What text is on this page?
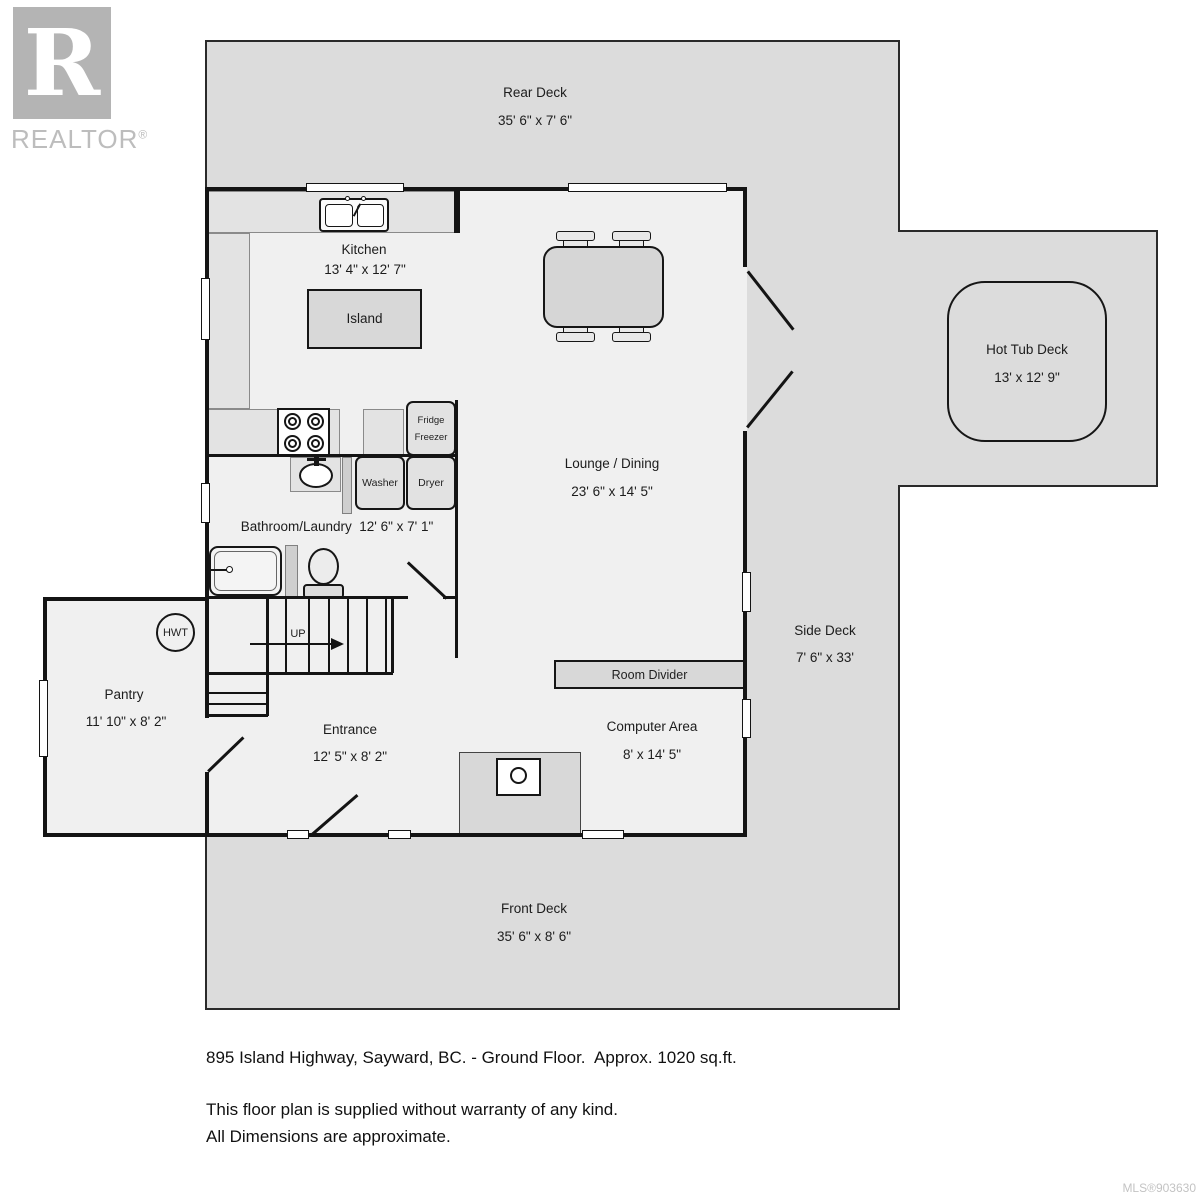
R
REALTOR®
Island
Fridge
Freezer
Washer Dryer
Room Divider
HWT
Rear Deck
35' 6" x 7' 6"
Kitchen
13' 4" x 12' 7"
Hot Tub Deck
13' x 12' 9"
Lounge / Dining
23' 6" x 14' 5"
Bathroom/Laundry  12' 6" x 7' 1"
Side Deck
7' 6" x 33'
Pantry
11' 10" x 8' 2"
UP
Entrance
12' 5" x 8' 2"
Computer Area
8' x 14' 5"
Front Deck
35' 6" x 8' 6"
895 Island Highway, Sayward, BC. - Ground Floor.  Approx. 1020 sq.ft.
This floor plan is supplied without warranty of any kind.
All Dimensions are approximate.
MLS®903630
